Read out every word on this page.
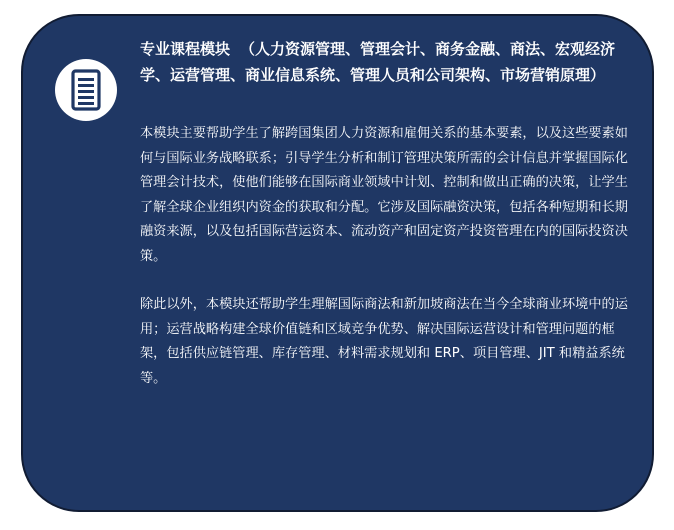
专业课程模块 （人力资源管理、管理会计、商务金融、商法、宏观经济学、运营管理、商业信息系统、管理人员和公司架构、市场营销原理）

本模块主要帮助学生了解跨国集团人力资源和雇佣关系的基本要素，以及这些要素如何与国际业务战略联系；引导学生分析和制订管理决策所需的会计信息并掌握国际化管理会计技术，使他们能够在国际商业领域中计划、控制和做出正确的决策，让学生了解全球企业组织内资金的获取和分配。它涉及国际融资决策，包括各种短期和长期融资来源，以及包括国际营运资本、流动资产和固定资产投资管理在内的国际投资决策。

除此以外，本模块还帮助学生理解国际商法和新加坡商法在当今全球商业环境中的运用；运营战略构建全球价值链和区域竞争优势、解决国际运营设计和管理问题的框架，包括供应链管理、库存管理、材料需求规划和 ERP、项目管理、JIT 和精益系统等。
